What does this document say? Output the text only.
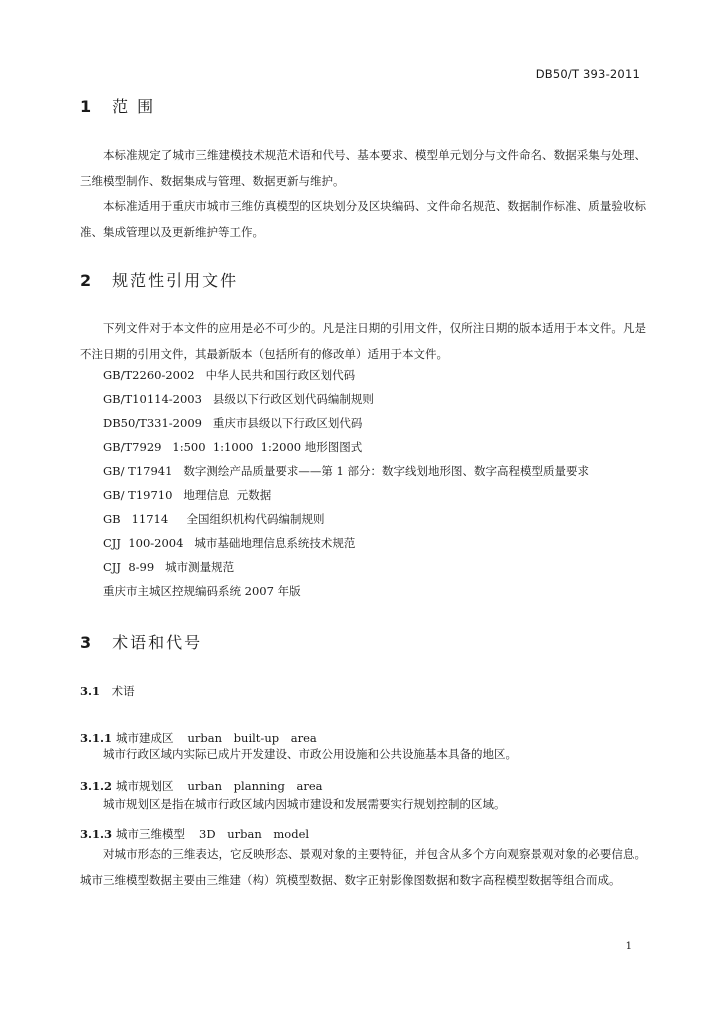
DB50/T 393-2011
1 范 围

本标准规定了城市三维建模技术规范术语和代号、基本要求、模型单元划分与文件命名、数据采集与处理、三维模型制作、数据集成与管理、数据更新与维护。

本标准适用于重庆市城市三维仿真模型的区块划分及区块编码、文件命名规范、数据制作标准、质量验收标准、集成管理以及更新维护等工作。

2 规范性引用文件

下列文件对于本文件的应用是必不可少的。凡是注日期的引用文件，仅所注日期的版本适用于本文件。凡是不注日期的引用文件，其最新版本（包括所有的修改单）适用于本文件。

GB/T2260-2002   中华人民共和国行政区划代码
GB/T10114-2003   县级以下行政区划代码编制规则
DB50/T331-2009   重庆市县级以下行政区划代码
GB/T7929   1:500  1:1000  1:2000 地形图图式
GB/ T17941   数字测绘产品质量要求——第 1 部分：数字线划地形图、数字高程模型质量要求
GB/ T19710   地理信息  元数据
GB   11714     全国组织机构代码编制规则
CJJ  100-2004   城市基础地理信息系统技术规范
CJJ  8-99   城市测量规范
重庆市主城区控规编码系统 2007 年版
3 术语和代号
3.1 术语
3.1.1 城市建成区 urban built-up area

城市行政区域内实际已成片开发建设、市政公用设施和公共设施基本具备的地区。

3.1.2 城市规划区 urban planning area

城市规划区是指在城市行政区域内因城市建设和发展需要实行规划控制的区域。

3.1.3 城市三维模型 3D urban model

对城市形态的三维表达，它反映形态、景观对象的主要特征，并包含从多个方向观察景观对象的必要信息。城市三维模型数据主要由三维建（构）筑模型数据、数字正射影像图数据和数字高程模型数据等组合而成。

1
